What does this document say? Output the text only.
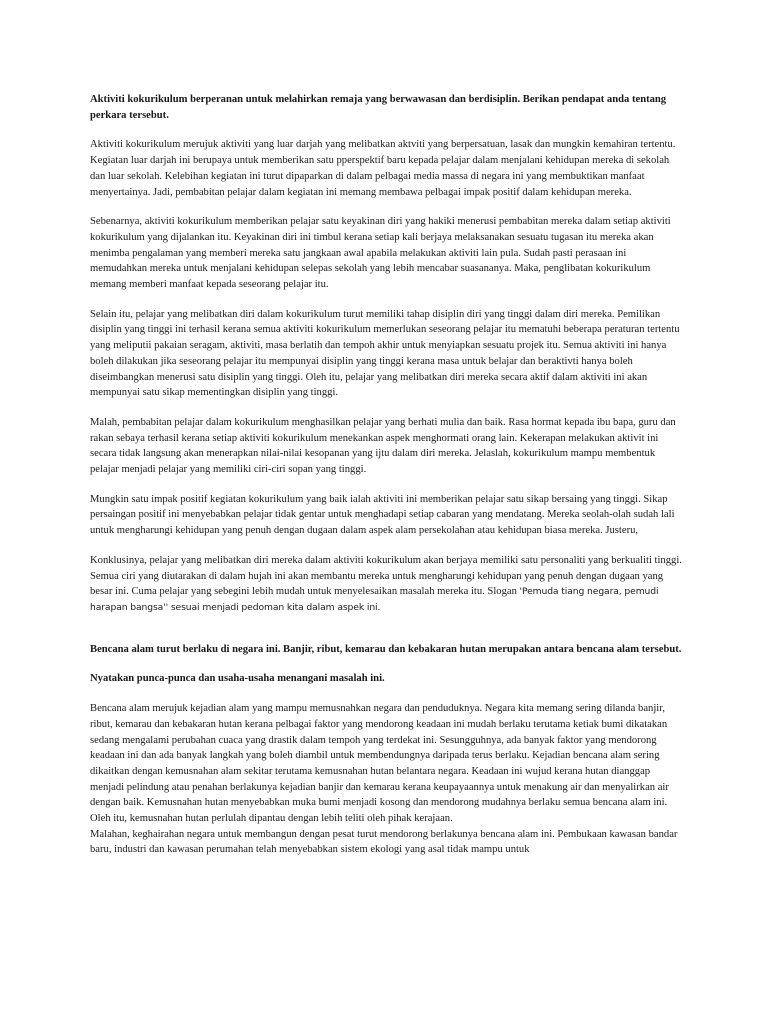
Aktiviti kokurikulum berperanan untuk melahirkan remaja yang berwawasan dan berdisiplin. Berikan pendapat anda tentang perkara tersebut.

Aktiviti kokurikulum merujuk aktiviti yang luar darjah yang melibatkan aktviti yang berpersatuan, lasak dan mungkin kemahiran tertentu. Kegiatan luar darjah ini berupaya untuk memberikan satu pperspektif baru kepada pelajar dalam menjalani kehidupan mereka di sekolah dan luar sekolah. Kelebihan kegiatan ini turut dipaparkan di dalam pelbagai media massa di negara ini yang membuktikan manfaat menyertainya. Jadi, pembabitan pelajar dalam kegiatan ini memang membawa pelbagai impak positif dalam kehidupan mereka.

Sebenarnya, aktiviti kokurikulum memberikan pelajar satu keyakinan diri yang hakiki menerusi pembabitan mereka dalam setiap aktiviti kokurikulum yang dijalankan itu. Keyakinan diri ini timbul kerana setiap kali berjaya melaksanakan sesuatu tugasan itu mereka akan menimba pengalaman yang memberi mereka satu jangkaan awal apabila melakukan aktiviti lain pula. Sudah pasti perasaan ini memudahkan mereka untuk menjalani kehidupan selepas sekolah yang lebih mencabar suasananya. Maka, penglibatan kokurikulum memang memberi manfaat kepada seseorang pelajar itu.

Selain itu, pelajar yang melibatkan diri dalam kokurikulum turut memiliki tahap disiplin diri yang tinggi dalam diri mereka. Pemilikan disiplin yang tinggi ini terhasil kerana semua aktiviti kokurikulum memerlukan seseorang pelajar itu mematuhi beberapa peraturan tertentu yang meliputii pakaian seragam, aktiviti, masa berlatih dan tempoh akhir untuk menyiapkan sesuatu projek itu. Semua aktiviti ini hanya boleh dilakukan jika seseorang pelajar itu mempunyai disiplin yang tinggi kerana masa untuk belajar dan beraktivti hanya boleh diseimbangkan menerusi satu disiplin yang tinggi. Oleh itu, pelajar yang melibatkan diri mereka secara aktif dalam aktiviti ini akan mempunyai satu sikap mementingkan disiplin yang tinggi.

Malah, pembabitan pelajar dalam kokurikulum menghasilkan pelajar yang berhati mulia dan baik. Rasa hormat kepada ibu bapa, guru dan rakan sebaya terhasil kerana setiap aktiviti kokurikulum menekankan aspek menghormati orang lain. Kekerapan melakukan aktivit ini secara tidak langsung akan menerapkan nilai-nilai kesopanan yang ijtu dalam diri mereka. Jelaslah, kokurikulum mampu membentuk pelajar menjadi pelajar yang memiliki ciri-ciri sopan yang tinggi.

Mungkin satu impak positif kegiatan kokurikulum yang baik ialah aktiviti ini memberikan pelajar satu sikap bersaing yang tinggi. Sikap persaingan positif ini menyebabkan pelajar tidak gentar untuk menghadapi setiap cabaran yang mendatang. Mereka seolah-olah sudah lali untuk mengharungi kehidupan yang penuh dengan dugaan dalam aspek alam persekolahan atau kehidupan biasa mereka. Justeru,

Konklusinya, pelajar yang melibatkan diri mereka dalam aktiviti kokurikulum akan berjaya memiliki satu personaliti yang berkualiti tinggi. Semua ciri yang diutarakan di dalam hujah ini akan membantu mereka untuk mengharungi kehidupan yang penuh dengan dugaan yang besar ini. Cuma pelajar yang sebegini lebih mudah untuk menyelesaikan masalah mereka itu. Slogan 'Pemuda tiang negara, pemudi harapan bangsa'' sesuai menjadi pedoman kita dalam aspek ini.

Bencana alam turut berlaku di negara ini. Banjir, ribut, kemarau dan kebakaran hutan merupakan antara bencana alam tersebut.

Nyatakan punca-punca dan usaha-usaha menangani masalah ini.

Bencana alam merujuk kejadian alam yang mampu memusnahkan negara dan penduduknya. Negara kita memang sering dilanda banjir, ribut, kemarau dan kebakaran hutan kerana pelbagai faktor yang mendorong keadaan ini mudah berlaku terutama ketiak bumi dikatakan sedang mengalami perubahan cuaca yang drastik dalam tempoh yang terdekat ini. Sesungguhnya, ada banyak faktor yang mendorong keadaan ini dan ada banyak langkah yang boleh diambil untuk membendungnya daripada terus berlaku. Kejadian bencana alam sering dikaitkan dengan kemusnahan alam sekitar terutama kemusnahan hutan belantara negara. Keadaan ini wujud kerana hutan dianggap menjadi pelindung atau penahan berlakunya kejadian banjir dan kemarau kerana keupayaannya untuk menakung air dan menyalirkan air dengan baik. Kemusnahan hutan menyebabkan muka bumi menjadi kosong dan mendorong mudahnya berlaku semua bencana alam ini. Oleh itu, kemusnahan hutan perlulah dipantau dengan lebih teliti oleh pihak kerajaan.

Malahan, keghairahan negara untuk membangun dengan pesat turut mendorong berlakunya bencana alam ini. Pembukaan kawasan bandar baru, industri dan kawasan perumahan telah menyebabkan sistem ekologi yang asal tidak mampu untuk
